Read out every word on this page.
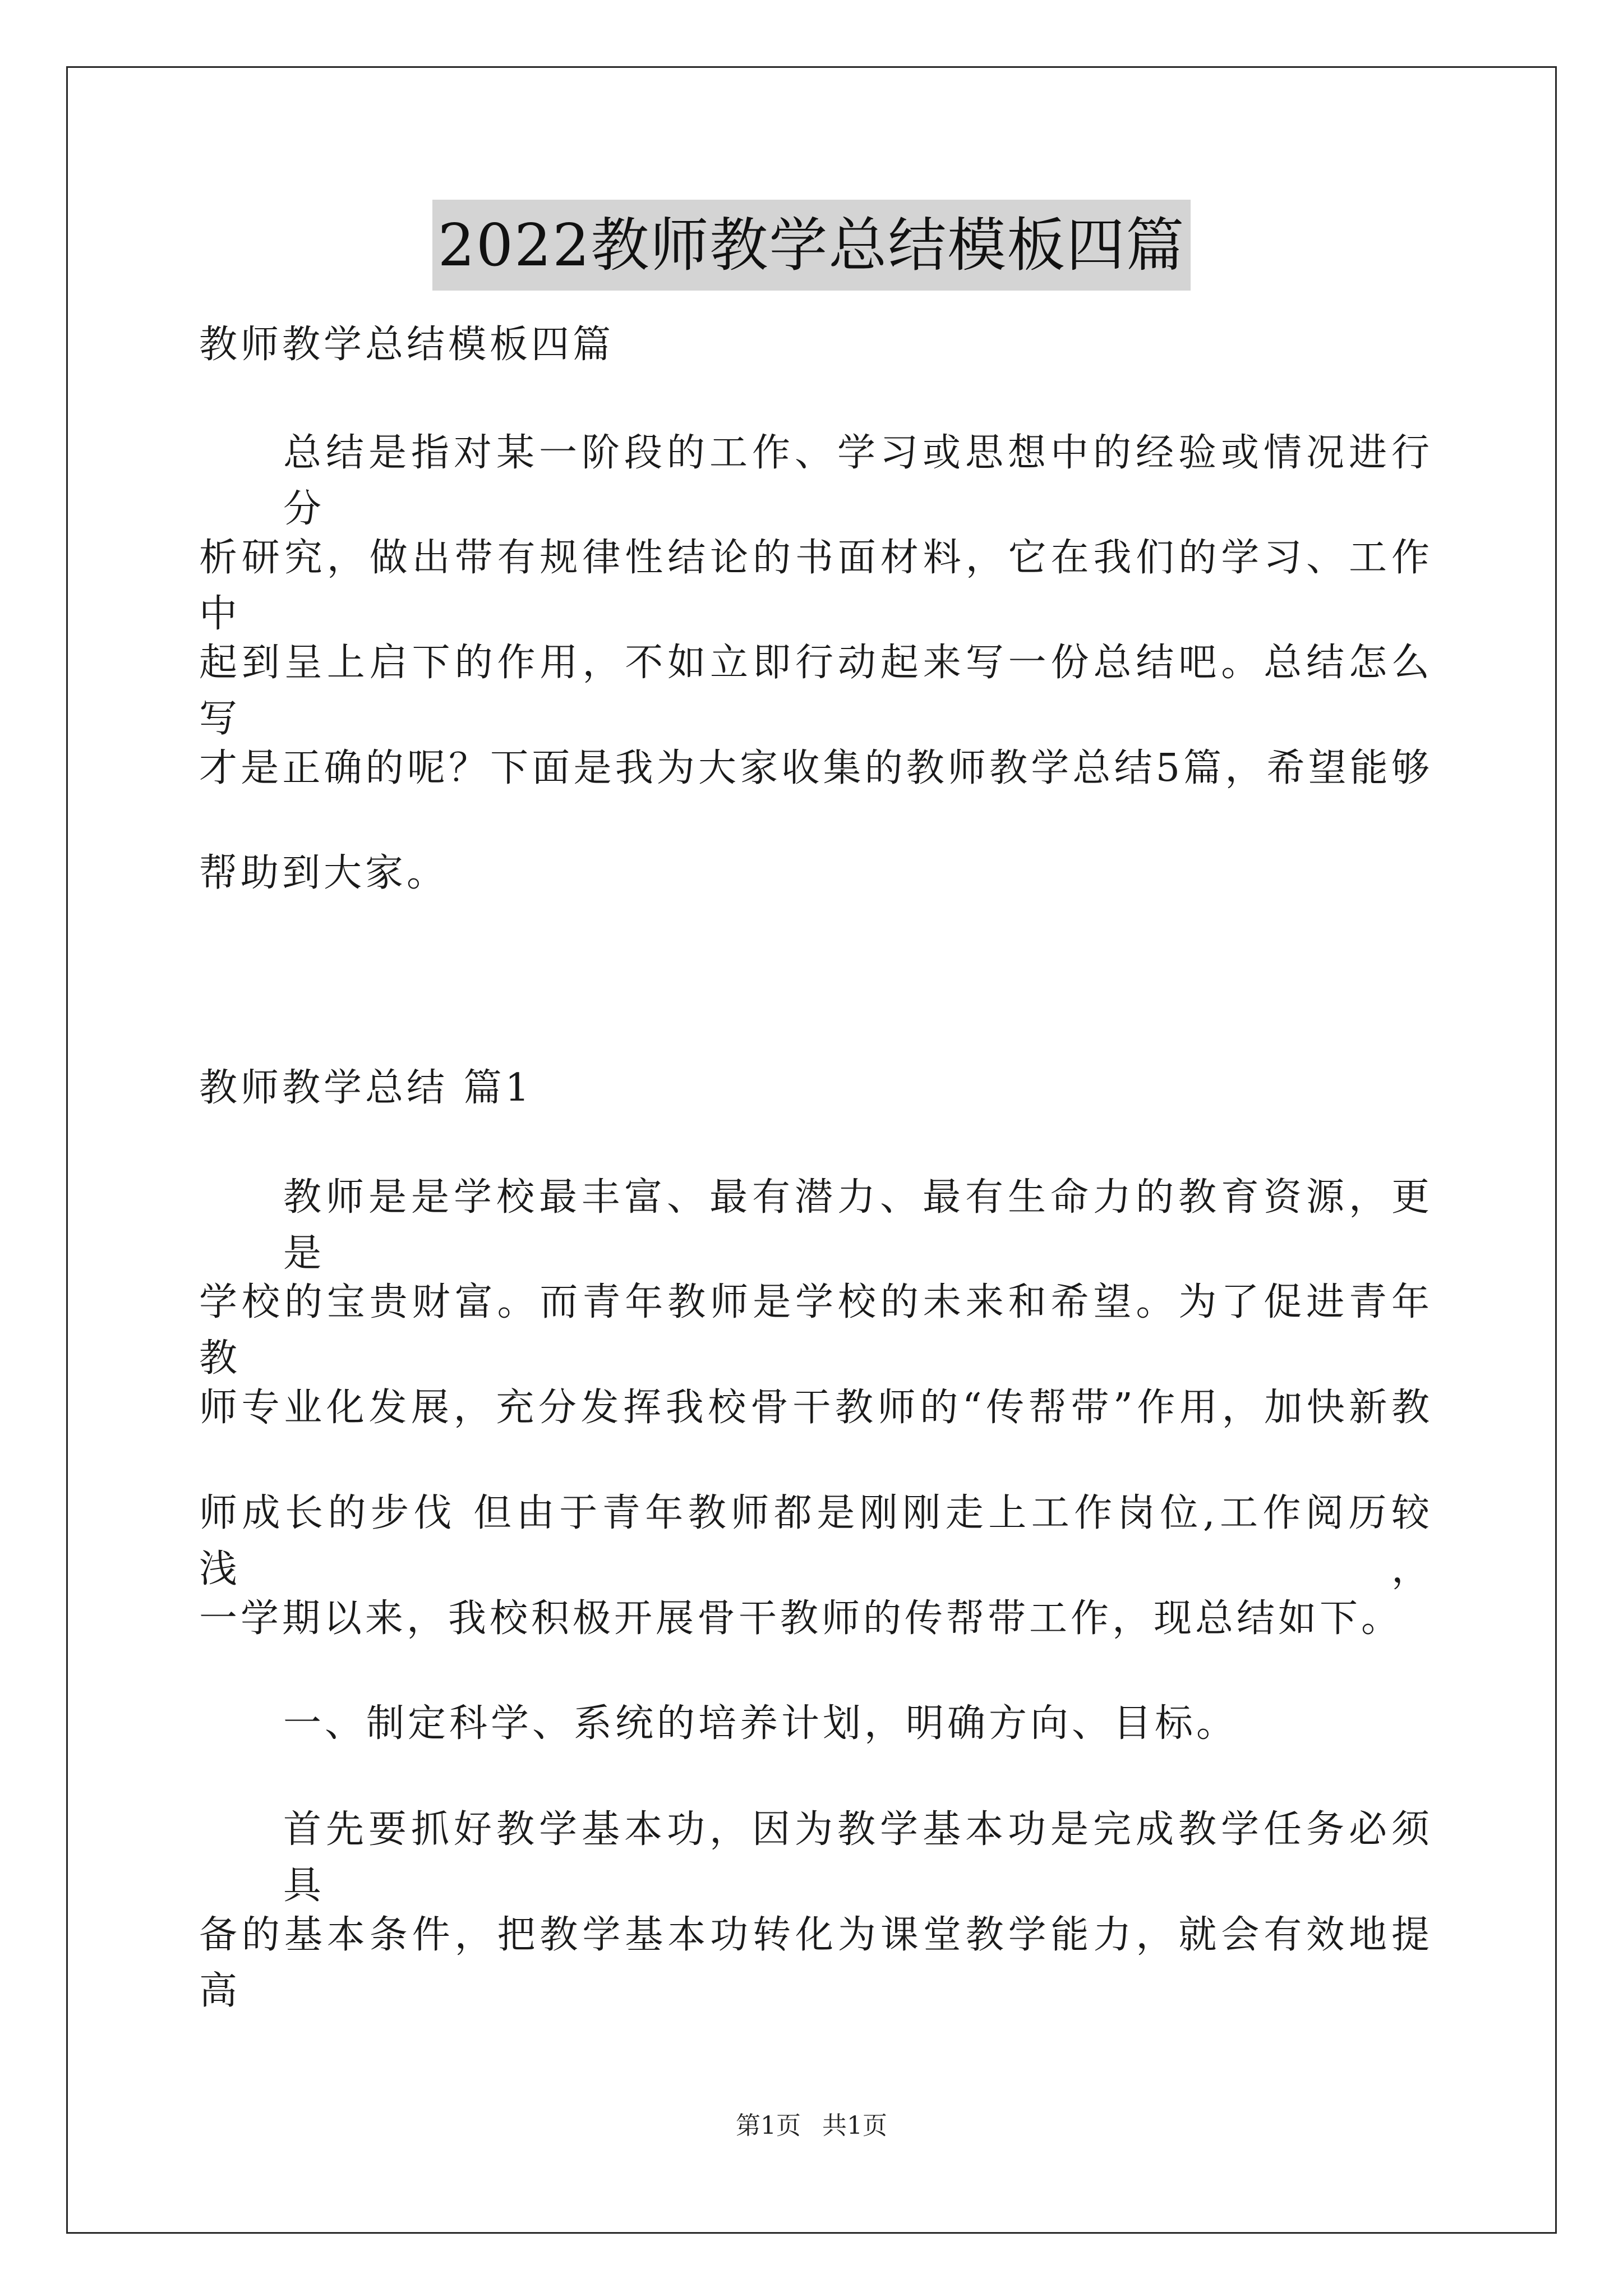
2022教师教学总结模板四篇
教师教学总结模板四篇
总结是指对某一阶段的工作、学习或思想中的经验或情况进行分
析研究，做出带有规律性结论的书面材料，它在我们的学习、工作中
起到呈上启下的作用，不如立即行动起来写一份总结吧。总结怎么写
才是正确的呢？下面是我为大家收集的教师教学总结5篇，希望能够
帮助到大家。
教师教学总结 篇1
教师是是学校最丰富、最有潜力、最有生命力的教育资源，更是
学校的宝贵财富。而青年教师是学校的未来和希望。为了促进青年教
师专业化发展，充分发挥我校骨干教师的“传帮带”作用，加快新教
师成长的步伐 但由于青年教师都是刚刚走上工作岗位,工作阅历较浅，
一学期以来，我校积极开展骨干教师的传帮带工作，现总结如下。
一、制定科学、系统的培养计划，明确方向、目标。
首先要抓好教学基本功，因为教学基本功是完成教学任务必须具
备的基本条件，把教学基本功转化为课堂教学能力，就会有效地提高
第1页 共1页
